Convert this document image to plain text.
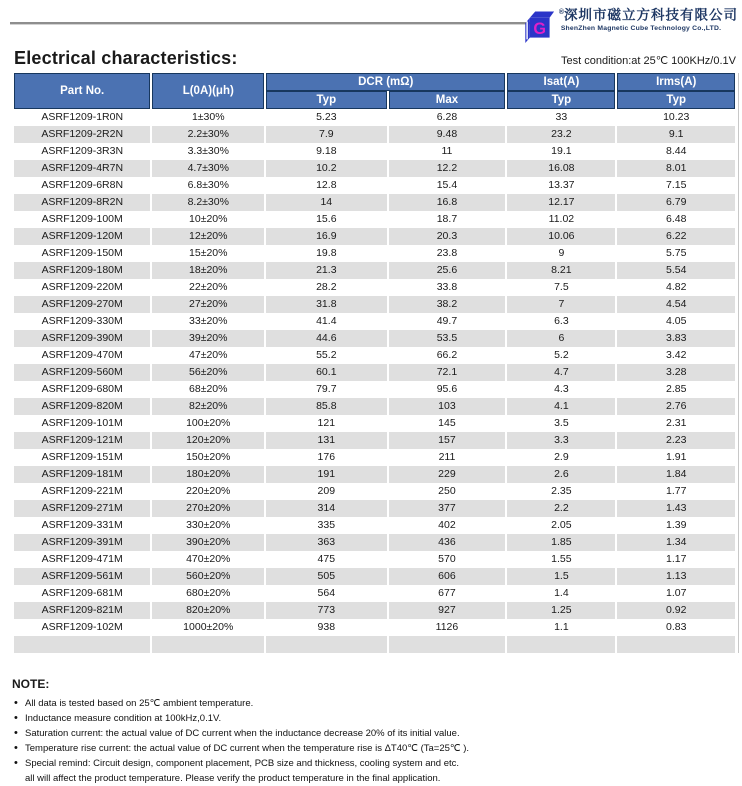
G
®深圳市磁立方科技有限公司
ShenZhen Magnetic Cube Technology Co.,LTD.
Electrical characteristics:	Test condition:at 25℃ 100KHz/0.1V
Part No.	L(0A)(μh)	DCR (mΩ)		Isat(A)	Irms(A)
		Typ	Max	Typ	Typ
ASRF1209-1R0N	1±30%	5.23	6.28	33	10.23
ASRF1209-2R2N	2.2±30%	7.9	9.48	23.2	9.1
ASRF1209-3R3N	3.3±30%	9.18	11	19.1	8.44
ASRF1209-4R7N	4.7±30%	10.2	12.2	16.08	8.01
ASRF1209-6R8N	6.8±30%	12.8	15.4	13.37	7.15
ASRF1209-8R2N	8.2±30%	14	16.8	12.17	6.79
ASRF1209-100M	10±20%	15.6	18.7	11.02	6.48
ASRF1209-120M	12±20%	16.9	20.3	10.06	6.22
ASRF1209-150M	15±20%	19.8	23.8	9	5.75
ASRF1209-180M	18±20%	21.3	25.6	8.21	5.54
ASRF1209-220M	22±20%	28.2	33.8	7.5	4.82
ASRF1209-270M	27±20%	31.8	38.2	7	4.54
ASRF1209-330M	33±20%	41.4	49.7	6.3	4.05
ASRF1209-390M	39±20%	44.6	53.5	6	3.83
ASRF1209-470M	47±20%	55.2	66.2	5.2	3.42
ASRF1209-560M	56±20%	60.1	72.1	4.7	3.28
ASRF1209-680M	68±20%	79.7	95.6	4.3	2.85
ASRF1209-820M	82±20%	85.8	103	4.1	2.76
ASRF1209-101M	100±20%	121	145	3.5	2.31
ASRF1209-121M	120±20%	131	157	3.3	2.23
ASRF1209-151M	150±20%	176	211	2.9	1.91
ASRF1209-181M	180±20%	191	229	2.6	1.84
ASRF1209-221M	220±20%	209	250	2.35	1.77
ASRF1209-271M	270±20%	314	377	2.2	1.43
ASRF1209-331M	330±20%	335	402	2.05	1.39
ASRF1209-391M	390±20%	363	436	1.85	1.34
ASRF1209-471M	470±20%	475	570	1.55	1.17
ASRF1209-561M	560±20%	505	606	1.5	1.13
ASRF1209-681M	680±20%	564	677	1.4	1.07
ASRF1209-821M	820±20%	773	927	1.25	0.92
ASRF1209-102M	1000±20%	938	1126	1.1	0.83

NOTE:
• All data is tested based on 25℃ ambient temperature.
• Inductance measure condition at 100kHz,0.1V.
• Saturation current: the actual value of DC current when the inductance decrease 20% of its initial value.
• Temperature rise current: the actual value of DC current when the temperature rise is ΔT40℃ (Ta=25℃ ).
• Special remind: Circuit design, component placement, PCB size and thickness, cooling system and etc.
all will affect the product temperature. Please verify the product temperature in the final application.
